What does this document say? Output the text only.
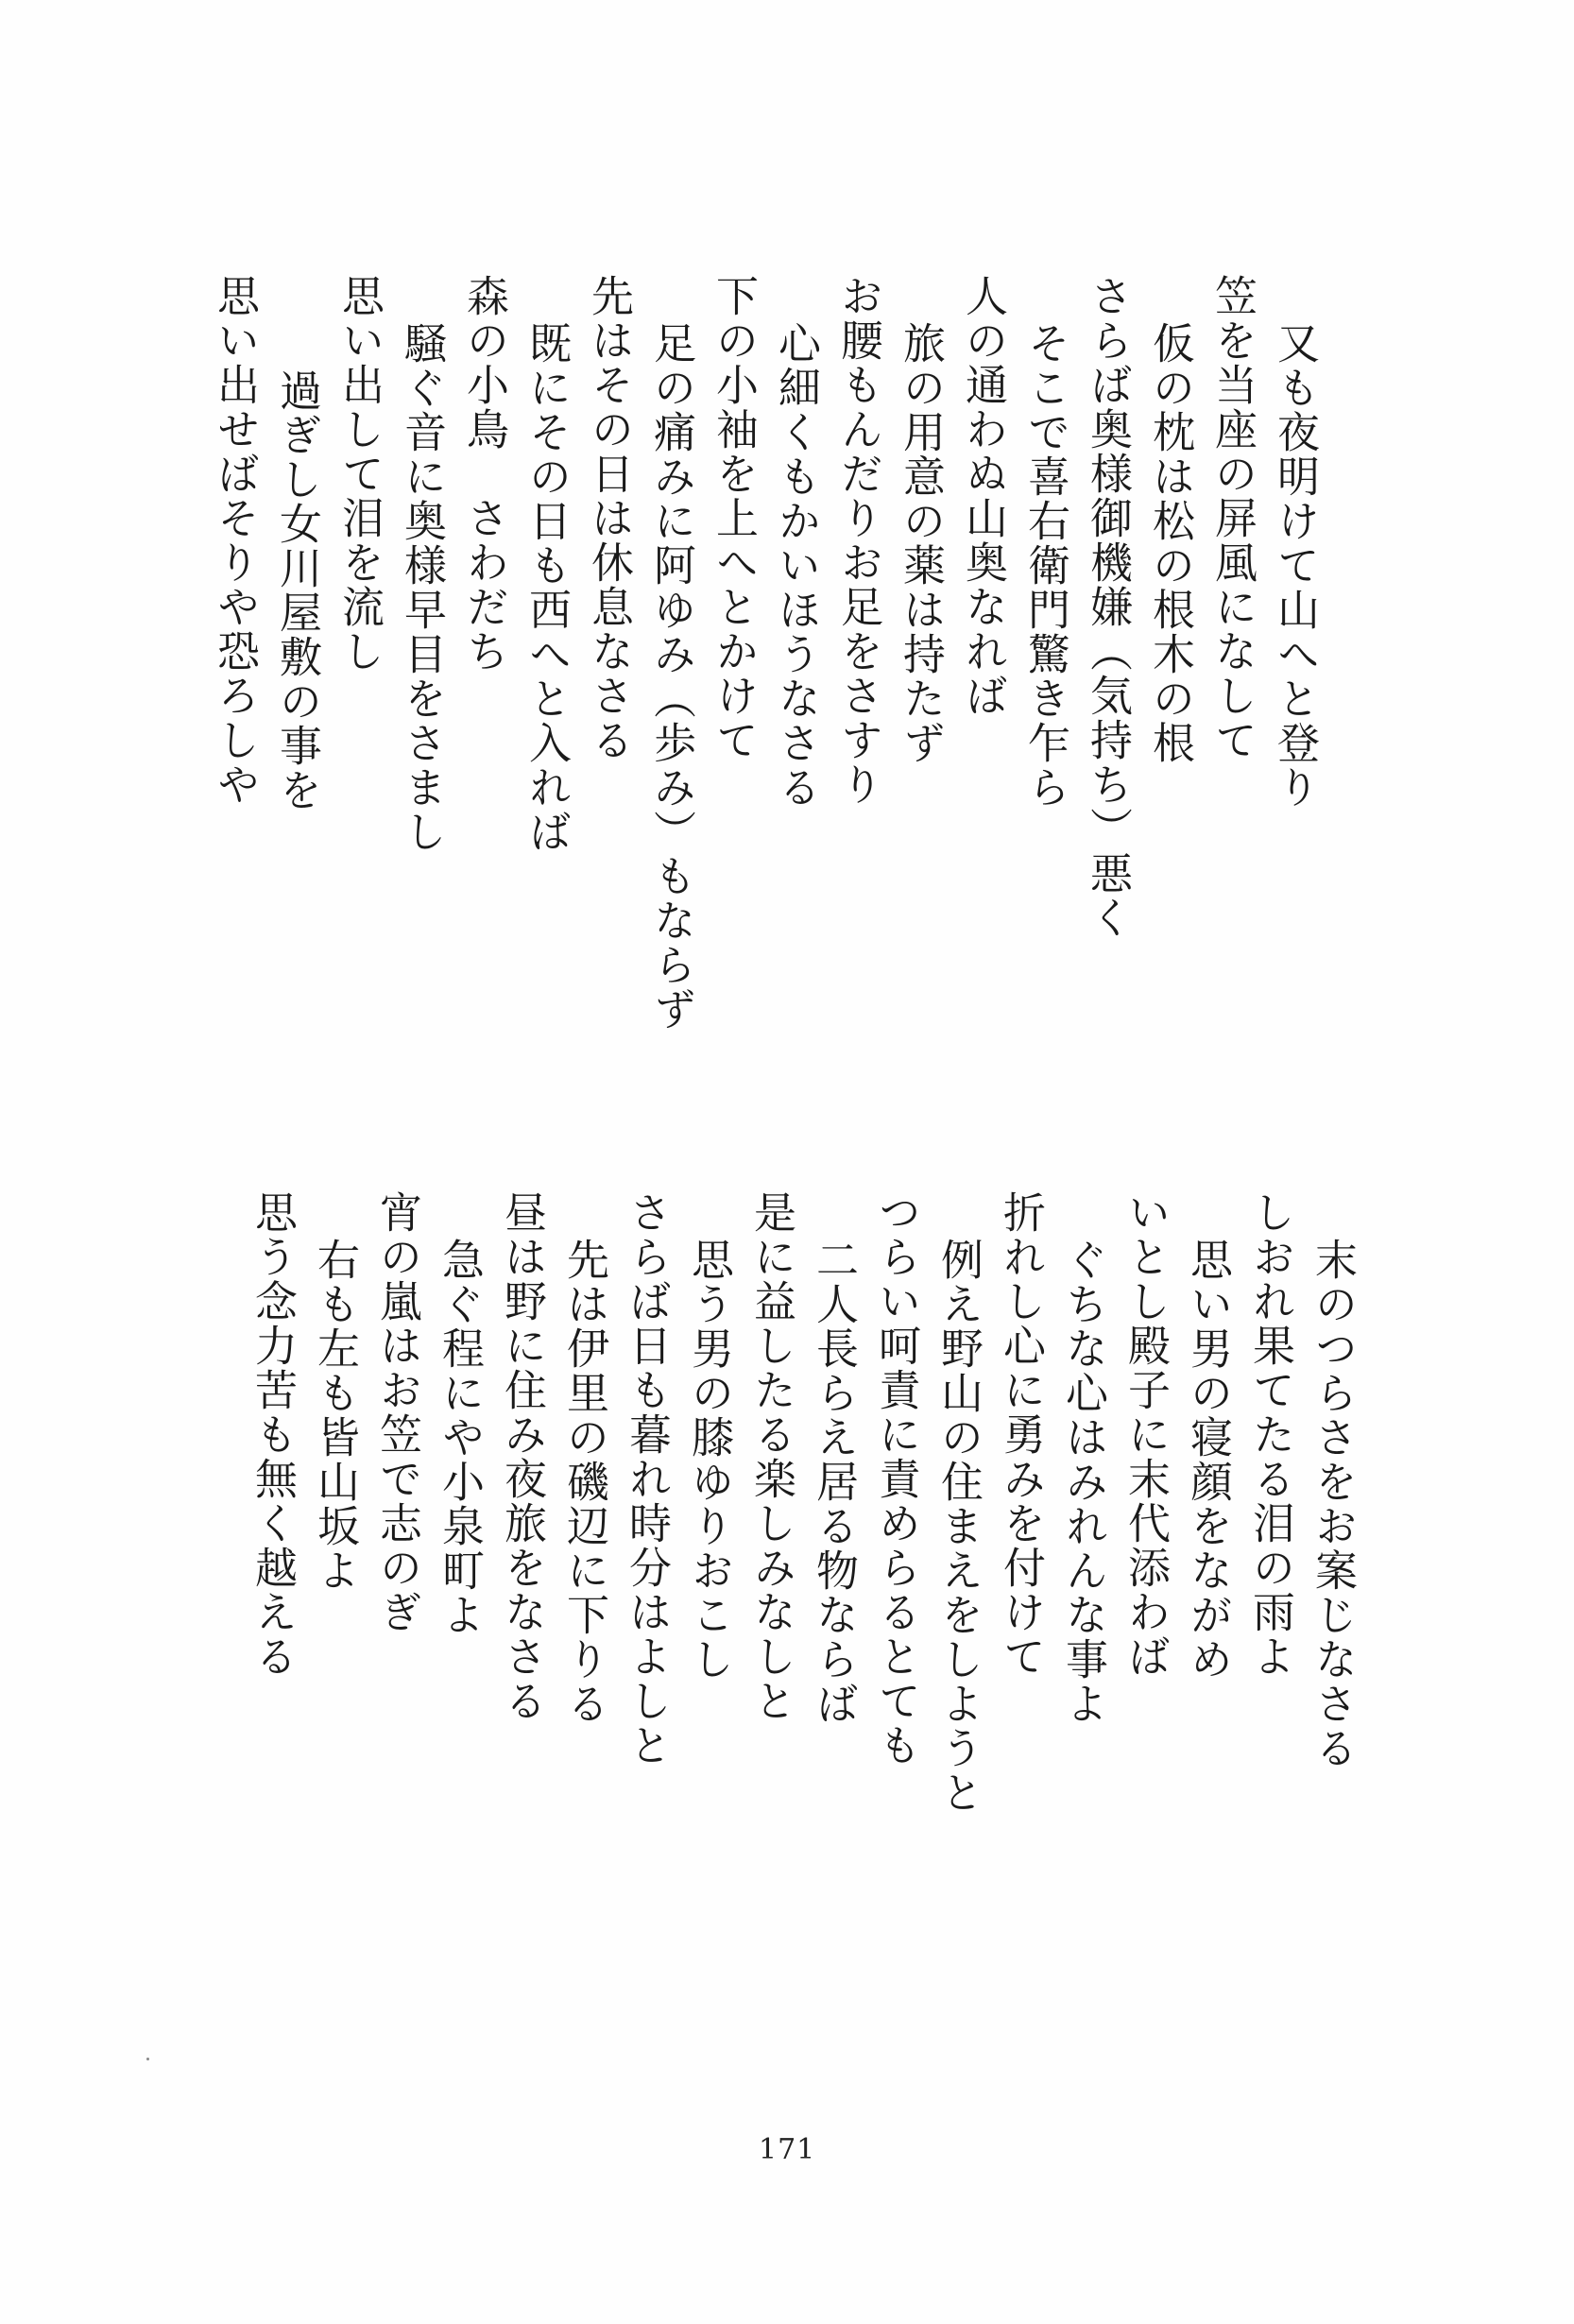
又も夜明けて山へと登り
笠を当座の屏風になして
仮の枕は松の根木の根
さらば奥様御機嫌（気持ち）悪く
そこで喜右衛門驚き乍ら
人の通わぬ山奥なれば
旅の用意の薬は持たず
お腰もんだりお足をさすり
心細くもかいほうなさる
下の小袖を上へとかけて
足の痛みに阿ゆみ（歩み）もならず
先はその日は休息なさる
既にその日も西へと入れば
森の小鳥　さわだち
騒ぐ音に奥様早目をさまし
思い出して泪を流し
過ぎし女川屋敷の事を
思い出せばそりや恐ろしや
末のつらさをお案じなさる
しおれ果てたる泪の雨よ
思い男の寝顔をながめ
いとし殿子に末代添わば
ぐちな心はみれんな事よ
折れし心に勇みを付けて
例え野山の住まえをしようと
つらい呵責に責めらるとても
二人長らえ居る物ならば
是に益したる楽しみなしと
思う男の膝ゆりおこし
さらば日も暮れ時分はよしと
先は伊里の磯辺に下りる
昼は野に住み夜旅をなさる
急ぐ程にや小泉町よ
宵の嵐はお笠で志のぎ
右も左も皆山坂よ
思う念力苦も無く越える
171
